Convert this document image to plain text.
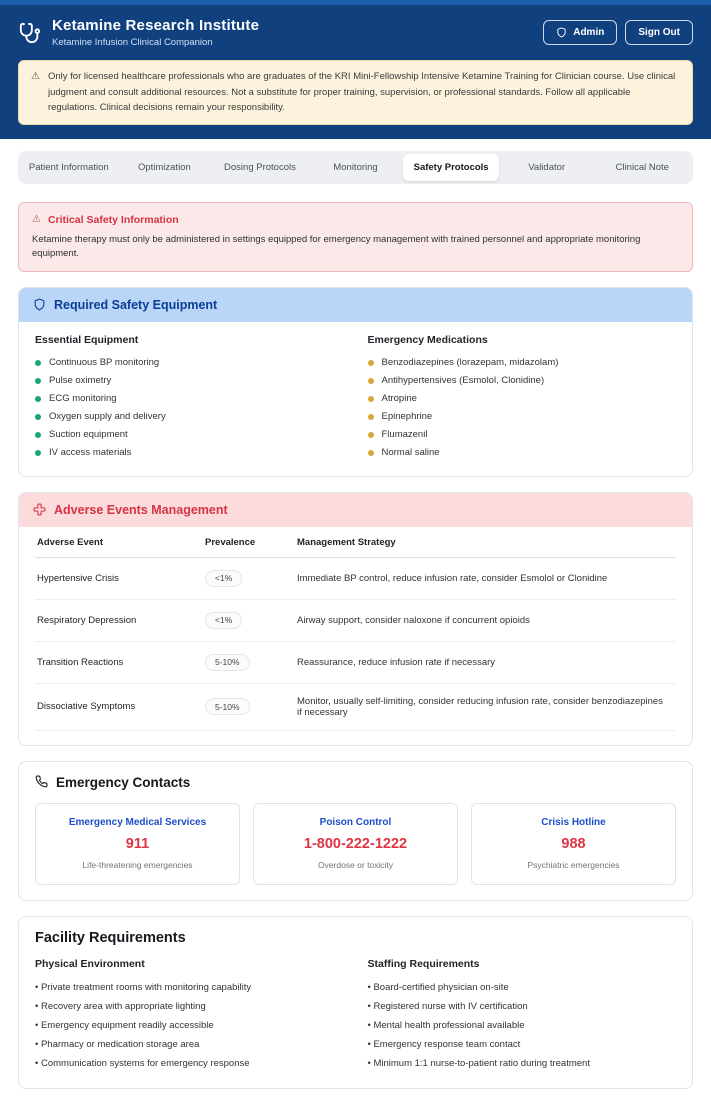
Ketamine Research Institute
Ketamine Infusion Clinical Companion
Admin	Sign Out
⚠ Only for licensed healthcare professionals who are graduates of the KRI Mini-Fellowship Intensive Ketamine Training for Clinician course. Use clinical judgment and consult additional resources. Not a substitute for proper training, supervision, or professional standards. Follow all applicable regulations. Clinical decisions remain your responsibility.
Patient Information	Optimization	Dosing Protocols	Monitoring	Safety Protocols	Validator	Clinical Note
⚠ Critical Safety Information
Ketamine therapy must only be administered in settings equipped for emergency management with trained personnel and appropriate monitoring equipment.
Required Safety Equipment
Essential Equipment
Continuous BP monitoring
Pulse oximetry
ECG monitoring
Oxygen supply and delivery
Suction equipment
IV access materials
Emergency Medications
Benzodiazepines (lorazepam, midazolam)
Antihypertensives (Esmolol, Clonidine)
Atropine
Epinephrine
Flumazenil
Normal saline
Adverse Events Management
Adverse Event	Prevalence	Management Strategy
Hypertensive Crisis	<1%	Immediate BP control, reduce infusion rate, consider Esmolol or Clonidine
Respiratory Depression	<1%	Airway support, consider naloxone if concurrent opioids
Transition Reactions	5-10%	Reassurance, reduce infusion rate if necessary
Dissociative Symptoms	5-10%	Monitor, usually self-limiting, consider reducing infusion rate, consider benzodiazepines if necessary
Emergency Contacts
Emergency Medical Services
911
Life-threatening emergencies
Poison Control
1-800-222-1222
Overdose or toxicity
Crisis Hotline
988
Psychiatric emergencies
Facility Requirements
Physical Environment
• Private treatment rooms with monitoring capability
• Recovery area with appropriate lighting
• Emergency equipment readily accessible
• Pharmacy or medication storage area
• Communication systems for emergency response
Staffing Requirements
• Board-certified physician on-site
• Registered nurse with IV certification
• Mental health professional available
• Emergency response team contact
• Minimum 1:1 nurse-to-patient ratio during treatment
